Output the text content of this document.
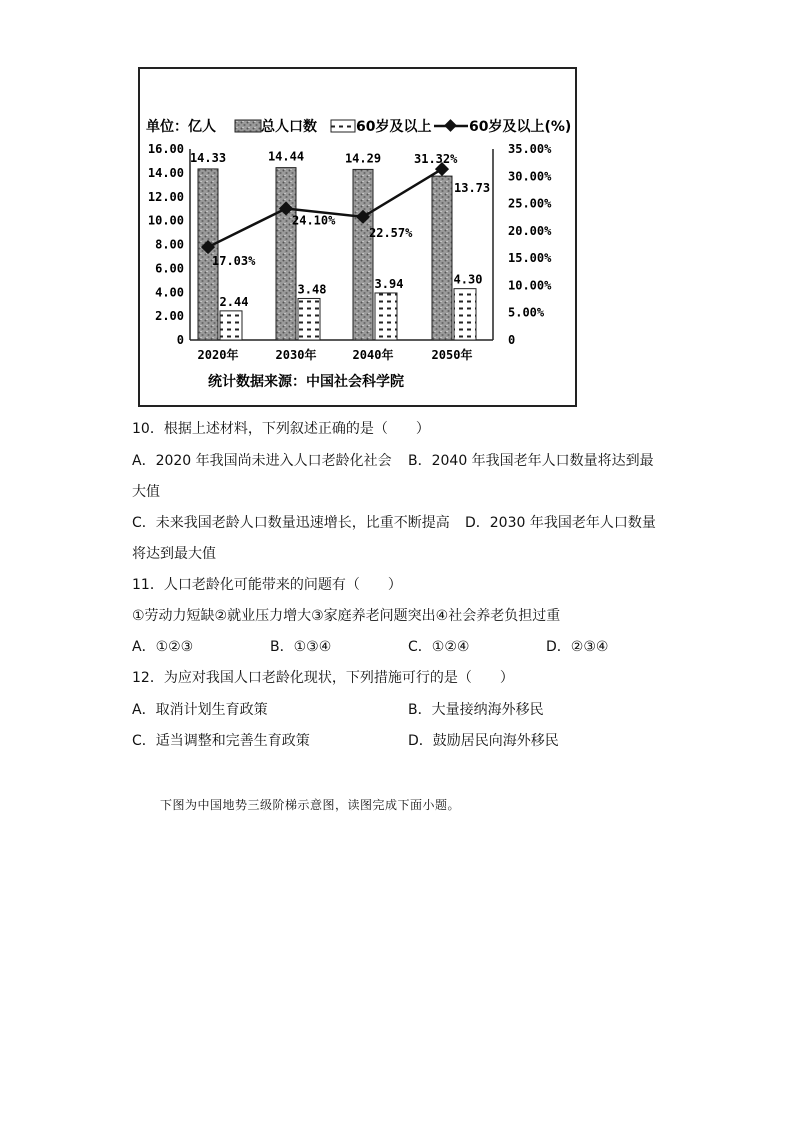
单位：亿人	总人口数	60岁及以上	60岁及以上(%)
16.00
14.00
12.00
10.00
8.00
6.00
4.00
2.00
0
35.00%
30.00%
25.00%
20.00%
15.00%
10.00%
5.00%
0
14.33
2.44
14.44
3.48
14.29
3.94	4.30
13.73
17.03%
24.10%
22.57%
31.32%
2020年	2030年	2040年	2050年
统计数据来源：中国社会科学院
10．根据上述材料，下列叙述正确的是（　　）
A．2020 年我国尚未进入人口老龄化社会 B．2040 年我国老年人口数量将达到最
大值
C．未来我国老龄人口数量迅速增长，比重不断提高 D．2030 年我国老年人口数量
将达到最大值
11．人口老龄化可能带来的问题有（　　）
①劳动力短缺②就业压力增大③家庭养老问题突出④社会养老负担过重
A．①②③	B．①③④	C．①②④	D．②③④
12．为应对我国人口老龄化现状，下列措施可行的是（　　）
A．取消计划生育政策	B．大量接纳海外移民
C．适当调整和完善生育政策	D．鼓励居民向海外移民
下图为中国地势三级阶梯示意图，读图完成下面小题。
